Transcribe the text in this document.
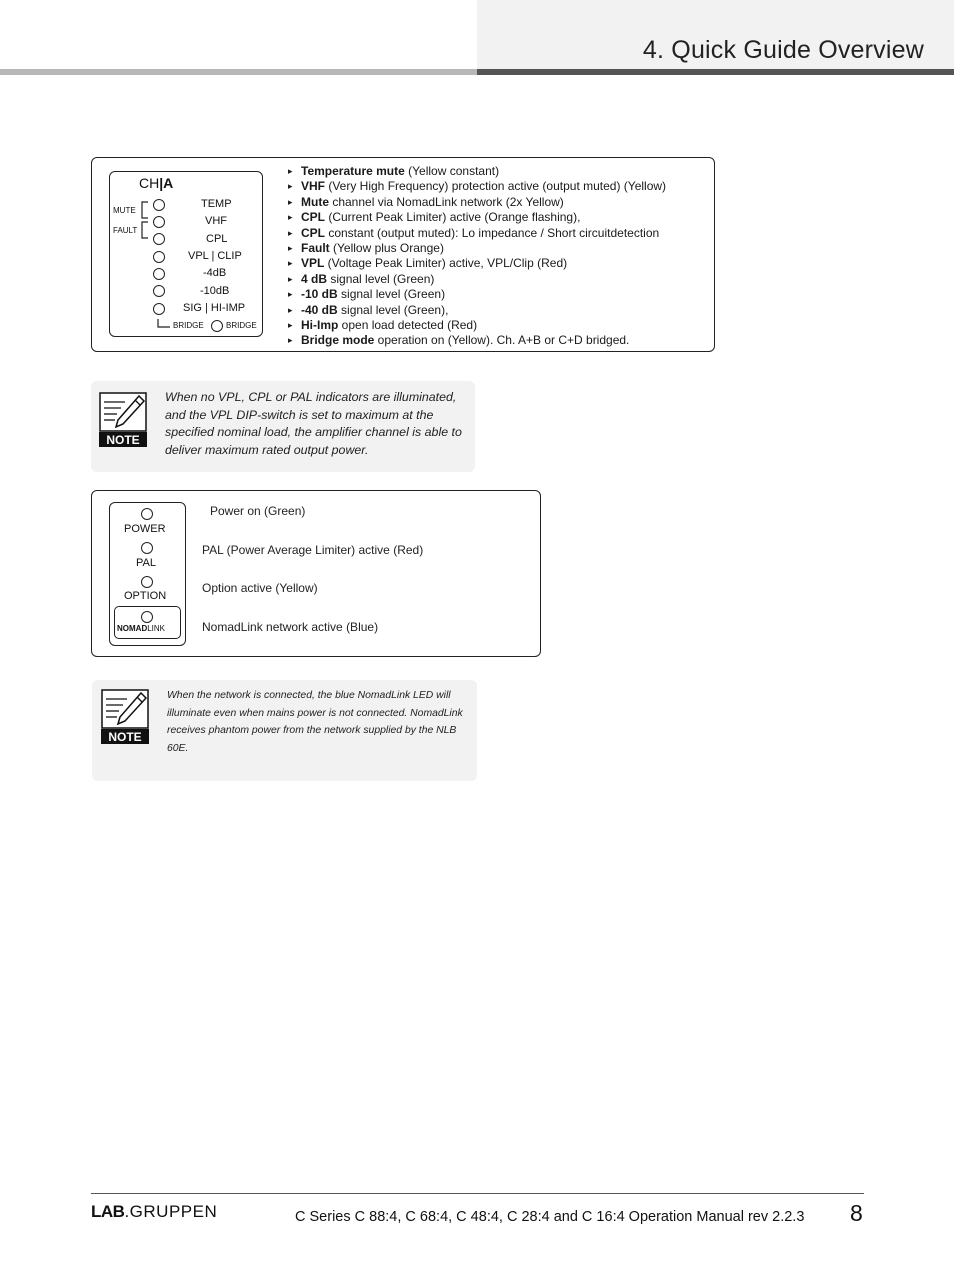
4. Quick Guide Overview
CH|A
MUTE
FAULT
TEMP
VHF
CPL
VPL | CLIP
-4dB
-10dB
SIG | HI-IMP
BRIDGE	BRIDGE
▸ Temperature mute (Yellow constant)
▸ VHF (Very High Frequency) protection active (output muted) (Yellow)
▸ Mute channel via NomadLink network (2x Yellow)
▸ CPL (Current Peak Limiter) active (Orange flashing),
▸ CPL constant (output muted): Lo impedance / Short circuitdetection
▸ Fault (Yellow plus Orange)
▸ VPL (Voltage Peak Limiter) active, VPL/Clip (Red)
▸ 4 dB signal level (Green)
▸ -10 dB signal level (Green)
▸ -40 dB signal level (Green),
▸ Hi-Imp open load detected (Red)
▸ Bridge mode operation on (Yellow). Ch. A+B or C+D bridged.
NOTE
When no VPL, CPL or PAL indicators are illuminated, and the VPL DIP-switch is set to maximum at the specified nominal load, the amplifier channel is able to deliver maximum rated output power.
POWER
PAL
OPTION
NOMADLINK
Power on (Green)
PAL (Power Average Limiter) active (Red)
Option active (Yellow)
NomadLink network active (Blue)
NOTE
When the network is connected, the blue NomadLink LED will illuminate even when mains power is not connected. NomadLink receives phantom power from the network supplied by the NLB 60E.
LAB.GRUPPEN	C Series C 88:4, C 68:4, C 48:4, C 28:4 and C 16:4 Operation Manual rev 2.2.3 8
